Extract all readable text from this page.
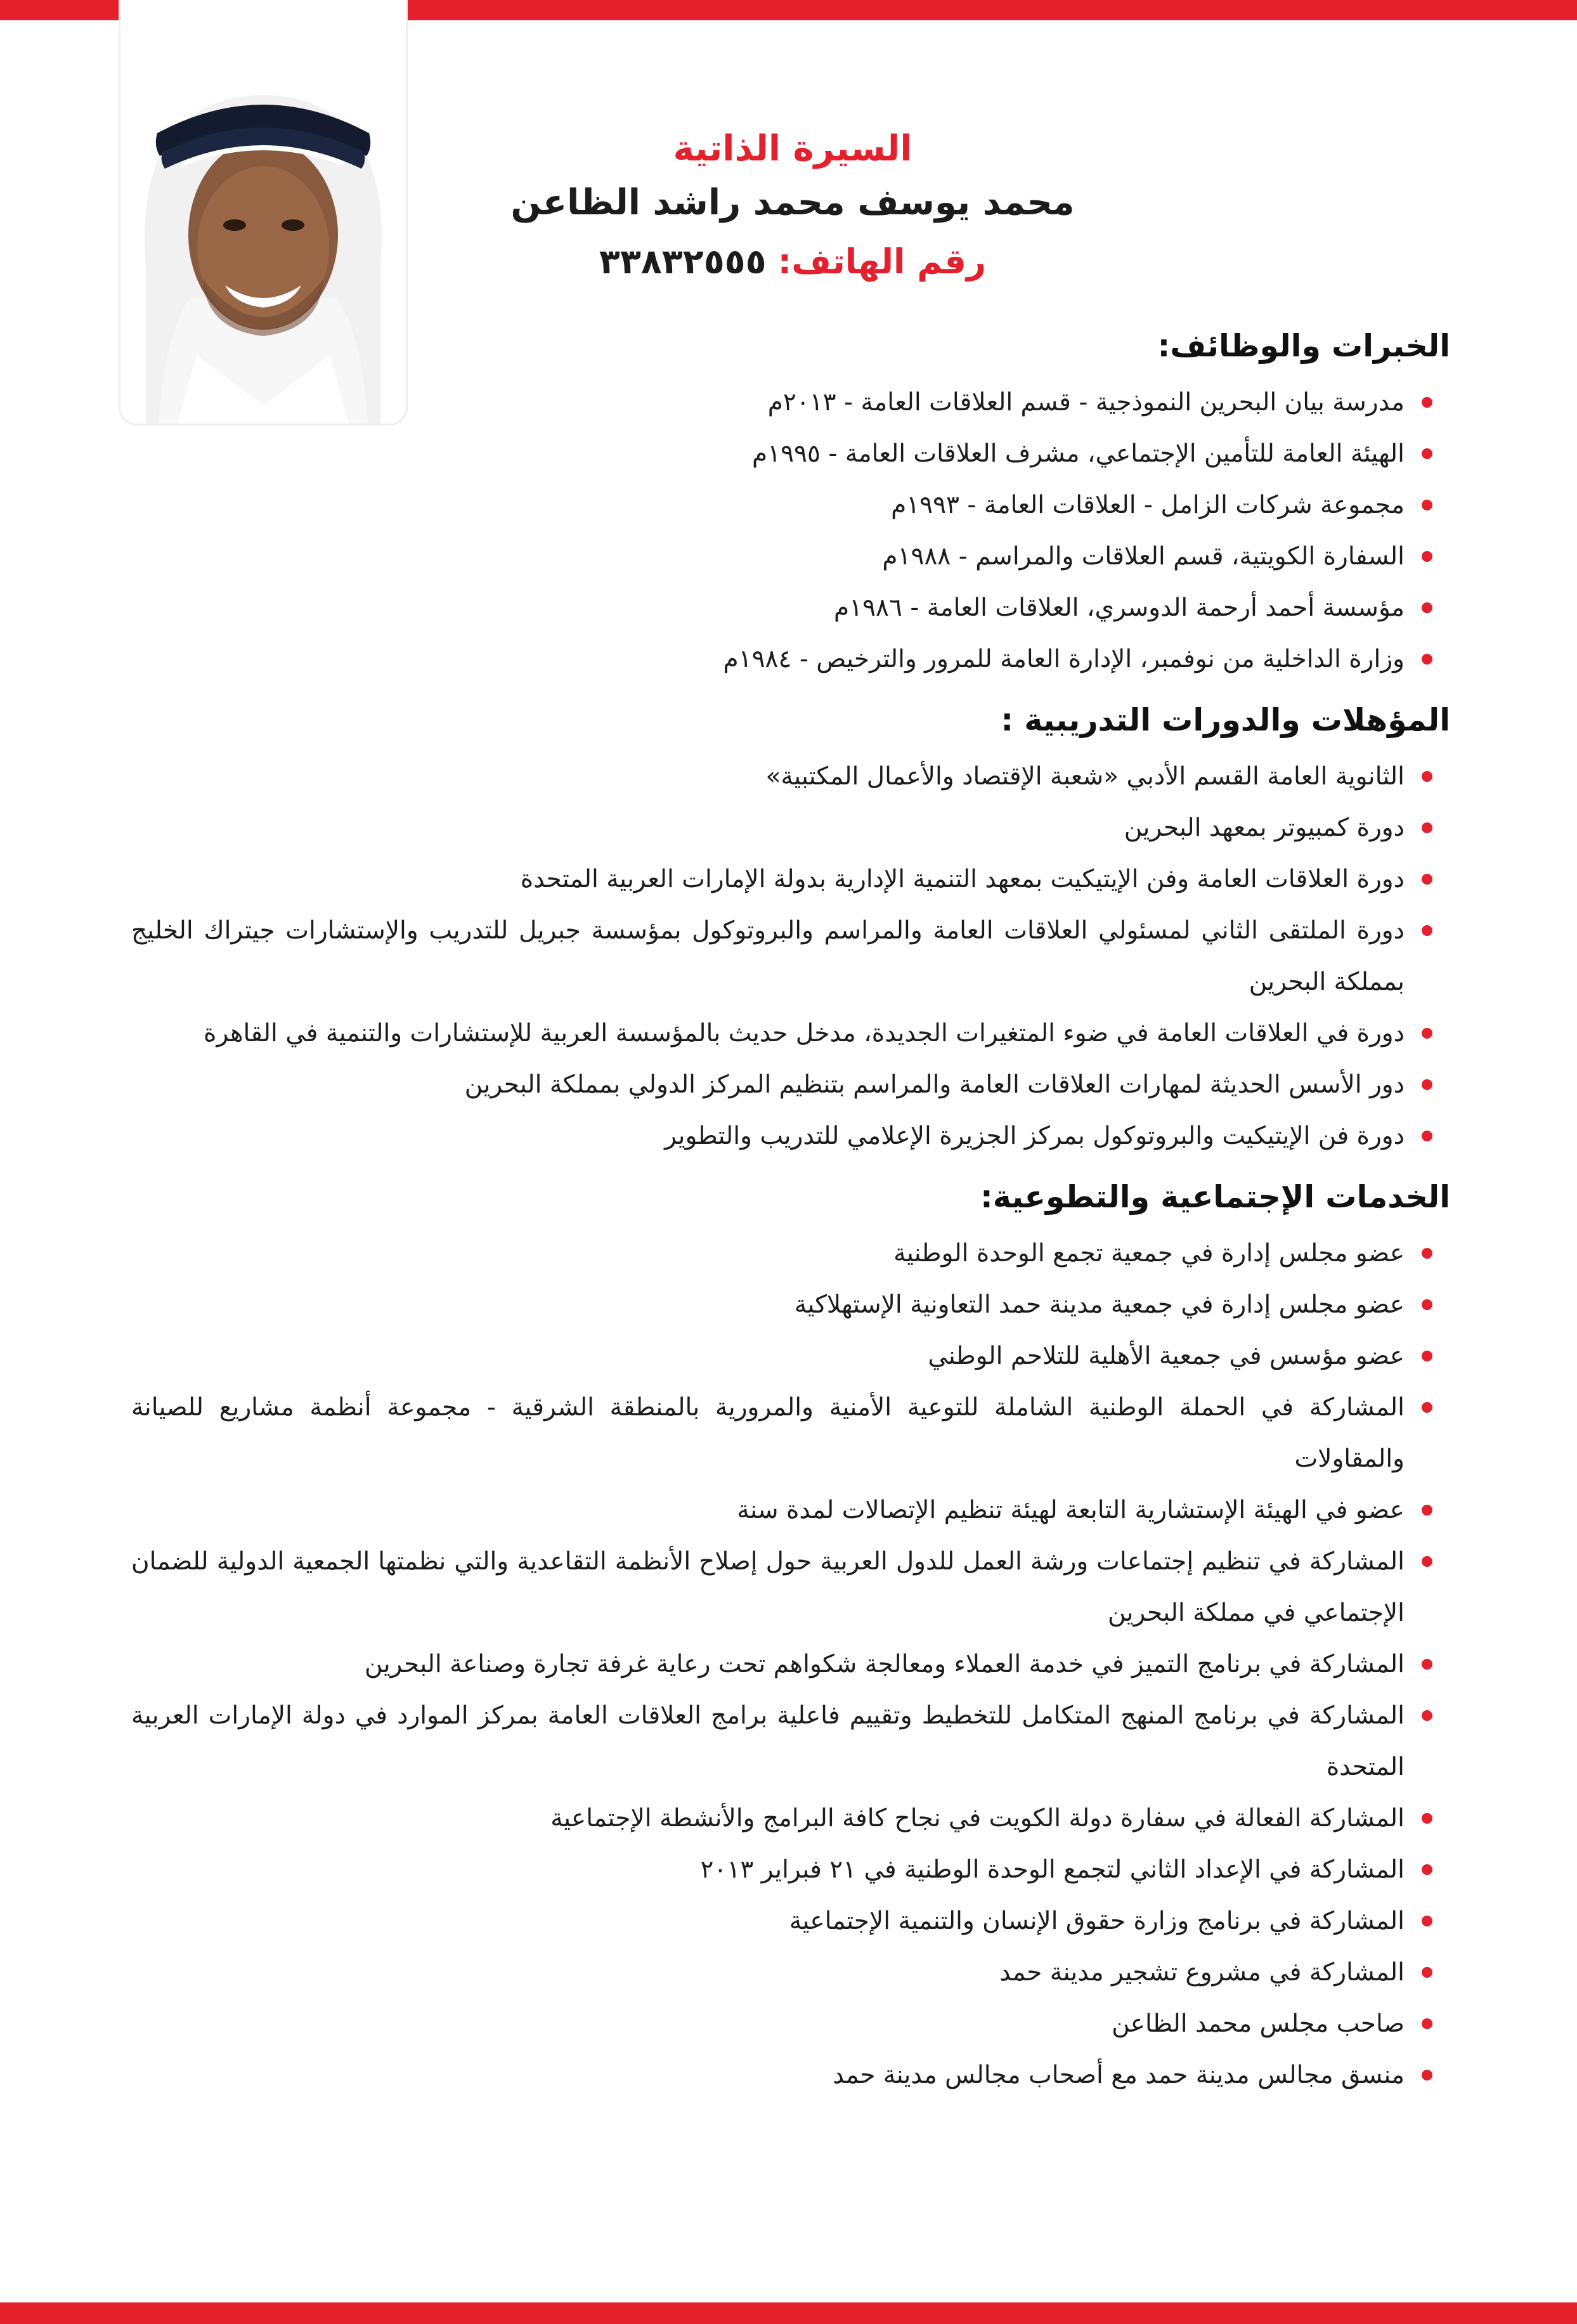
السيرة الذاتية
محمد يوسف محمد راشد الظاعن
رقم الهاتف:٣٣٨٣٢٥٥٥
الخبرات والوظائف:
مدرسة بيان البحرين النموذجية - قسم العلاقات العامة - ٢٠١٣م
الهيئة العامة للتأمين الإجتماعي، مشرف العلاقات العامة - ١٩٩٥م
مجموعة شركات الزامل - العلاقات العامة - ١٩٩٣م
السفارة الكويتية، قسم العلاقات والمراسم - ١٩٨٨م
مؤسسة أحمد أرحمة الدوسري، العلاقات العامة - ١٩٨٦م
وزارة الداخلية من نوفمبر، الإدارة العامة للمرور والترخيص - ١٩٨٤م
المؤهلات والدورات التدريبية :
الثانوية العامة القسم الأدبي «شعبة الإقتصاد والأعمال المكتبية»
دورة كمبيوتر بمعهد البحرين
دورة العلاقات العامة وفن الإيتيكيت بمعهد التنمية الإدارية بدولة الإمارات العربية المتحدة
دورة الملتقى الثاني لمسئولي العلاقات العامة والمراسم والبروتوكول بمؤسسة جبريل للتدريب والإستشارات جيتراك الخليج بمملكة البحرين
دورة في العلاقات العامة في ضوء المتغيرات الجديدة، مدخل حديث بالمؤسسة العربية للإستشارات والتنمية في القاهرة
دور الأسس الحديثة لمهارات العلاقات العامة والمراسم بتنظيم المركز الدولي بمملكة البحرين
دورة فن الإيتيكيت والبروتوكول بمركز الجزيرة الإعلامي للتدريب والتطوير
الخدمات الإجتماعية والتطوعية:
عضو مجلس إدارة في جمعية تجمع الوحدة الوطنية
عضو مجلس إدارة في جمعية مدينة حمد التعاونية الإستهلاكية
عضو مؤسس في جمعية الأهلية للتلاحم الوطني
المشاركة في الحملة الوطنية الشاملة للتوعية الأمنية والمرورية بالمنطقة الشرقية - مجموعة أنظمة مشاريع للصيانة والمقاولات
عضو في الهيئة الإستشارية التابعة لهيئة تنظيم الإتصالات لمدة سنة
المشاركة في تنظيم إجتماعات ورشة العمل للدول العربية حول إصلاح الأنظمة التقاعدية والتي نظمتها الجمعية الدولية للضمان الإجتماعي في مملكة البحرين
المشاركة في برنامج التميز في خدمة العملاء ومعالجة شكواهم تحت رعاية غرفة تجارة وصناعة البحرين
المشاركة في برنامج المنهج المتكامل للتخطيط وتقييم فاعلية برامج العلاقات العامة بمركز الموارد في دولة الإمارات العربية المتحدة
المشاركة الفعالة في سفارة دولة الكويت في نجاح كافة البرامج والأنشطة الإجتماعية
المشاركة في الإعداد الثاني لتجمع الوحدة الوطنية في ٢١ فبراير ٢٠١٣
المشاركة في برنامج وزارة حقوق الإنسان والتنمية الإجتماعية
المشاركة في مشروع تشجير مدينة حمد
صاحب مجلس محمد الظاعن
منسق مجالس مدينة حمد مع أصحاب مجالس مدينة حمد
